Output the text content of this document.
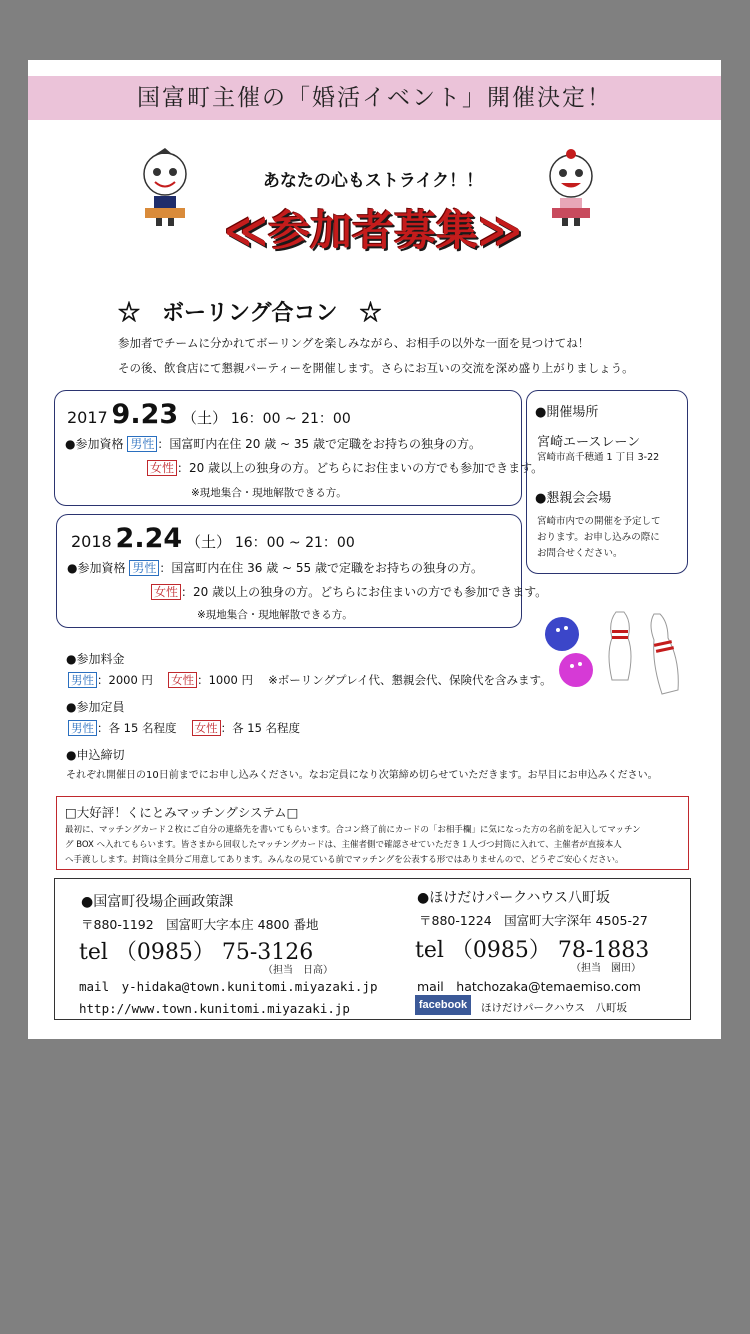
国富町主催の「婚活イベント」開催決定！
あなたの心もストライク！！
≪参加者募集≫
☆　ボーリング合コン　☆
参加者でチームに分かれてボーリングを楽しみながら、お相手の以外な一面を見つけてね！
その後、飲食店にて懇親パーティーを開催します。さらにお互いの交流を深め盛り上がりましょう。
2017 9.23 （土） 16：00 ~ 21：00
●参加資格 男性 ：国富町内在住 20 歳 ~ 35 歳で定職をお持ちの独身の方。
女性 ：20 歳以上の独身の方。どちらにお住まいの方でも参加できます。
※現地集合・現地解散できる方。
2018 2.24 （土） 16：00 ~ 21：00
●参加資格 男性 ：国富町内在住 36 歳 ~ 55 歳で定職をお持ちの独身の方。
女性 ：20 歳以上の独身の方。どちらにお住まいの方でも参加できます。
※現地集合・現地解散できる方。
●開催場所
宮崎エースレーン
宮崎市高千穂通 1 丁目 3-22
●懇親会会場
宮崎市内での開催を予定して
おります。お申し込みの際に
お問合せください。
●参加料金
男性 ：2000 円　 女性 ：1000 円　 ※ボーリングプレイ代、懇親会代、保険代を含みます。
●参加定員
男性 ：各 15 名程度　 女性 ：各 15 名程度
●申込締切
それぞれ開催日の10日前までにお申し込みください。なお定員になり次第締め切らせていただきます。お早目にお申込みください。
□大好評！くにとみマッチングシステム□
最初に、マッチングカード２枚にご自分の連絡先を書いてもらいます。合コン終了前にカードの「お相手欄」に気になった方の名前を記入してマッチン
グ BOX へ入れてもらいます。皆さまから回収したマッチングカードは、主催者側で確認させていただき１人づつ封筒に入れて、主催者が直接本人
へ手渡しします。封筒は全員分ご用意してあります。みんなの見ている前でマッチングを公表する形ではありませんので、どうぞご安心ください。
●国富町役場企画政策課
〒880-1192　国富町大字本庄 4800 番地
tel （0985） 75-3126
（担当　日高）
mail　y-hidaka@town.kunitomi.miyazaki.jp
http://www.town.kunitomi.miyazaki.jp
●ほけだけパークハウス八町坂
〒880-1224　国富町大字深年 4505-27
tel （0985） 78-1883
（担当　園田）
mail　hatchozaka@temaemiso.com
facebook	ほけだけパークハウス　八町坂
